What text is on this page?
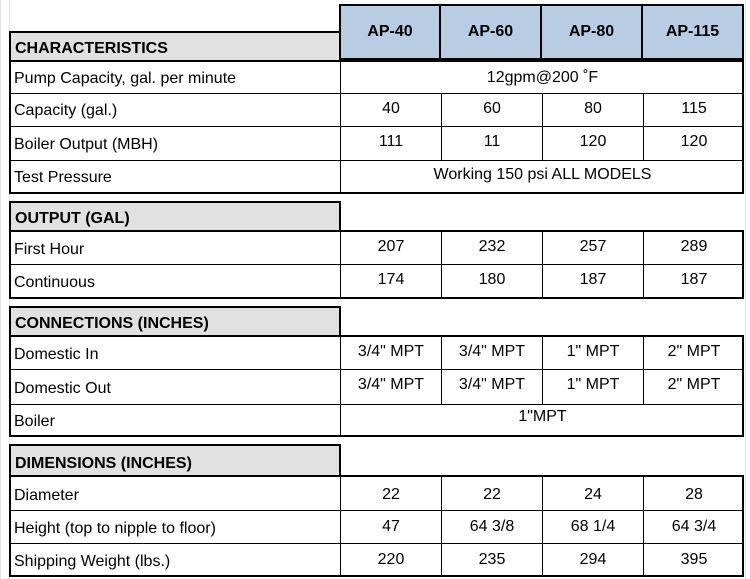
AP-40	AP-60	AP-80	AP-115
CHARACTERISTICS
Pump Capacity, gal. per minute	12gpm@200 ˚F
Capacity (gal.)	40	60	80	115
Boiler Output (MBH)	111	11	120	120
Test Pressure	Working 150 psi ALL MODELS
OUTPUT (GAL)
First Hour	207	232	257	289
Continuous	174	180	187	187
CONNECTIONS (INCHES)
Domestic In	3/4" MPT	3/4" MPT	1" MPT	2" MPT
Domestic Out	3/4" MPT	3/4" MPT	1" MPT	2" MPT
Boiler	1"MPT
DIMENSIONS (INCHES)
Diameter	22	22	24	28
Height (top to nipple to floor)	47	64 3/8	68 1/4	64 3/4
Shipping Weight (lbs.)	220	235	294	395
